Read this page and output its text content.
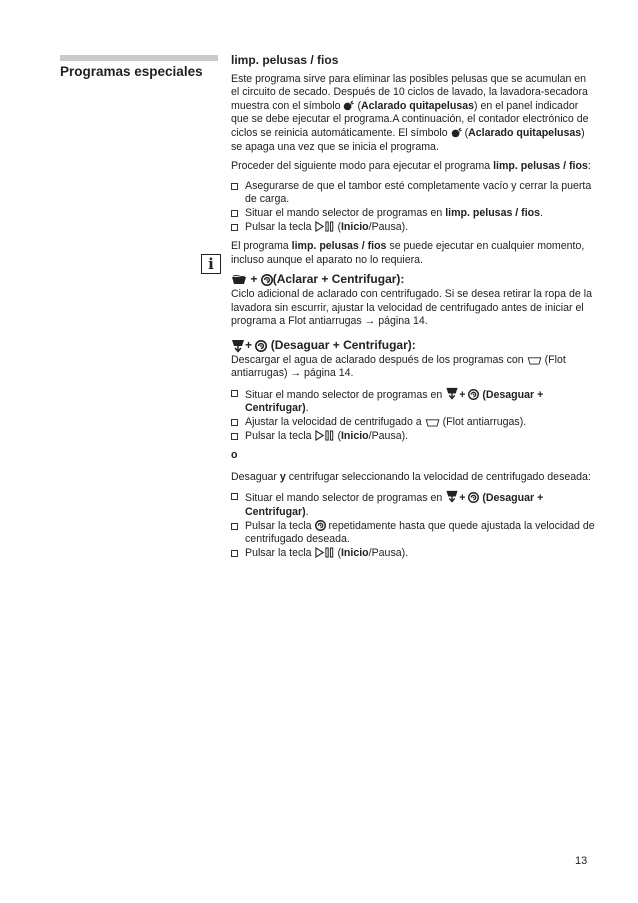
Programas especiales
i
limp. pelusas / fios

Este programa sirve para eliminar las posibles pelusas que se acumulan en el circuito de secado. Después de 10 ciclos de lavado, la lavadora-secadora muestra con el símbolo (Aclarado quitapelusas) en el panel indicador que se debe ejecutar el programa.A continuación, el contador electrónico de ciclos se reinicia automáticamente. El símbolo (Aclarado quitapelusas) se apaga una vez que se inicia el programa.

Proceder del siguiente modo para ejecutar el programa limp. pelusas / fios:

Asegurarse de que el tambor esté completamente vacío y cerrar la puerta de carga.
Situar el mando selector de programas en limp. pelusas / fios.
Pulsar la tecla (Inicio/Pausa).

El programa limp. pelusas / fios se puede ejecutar en cualquier momento, incluso aunque el aparato no lo requiera.

+
(Aclarar + Centrifugar):

Ciclo adicional de aclarado con centrifugado. Si se desea retirar la ropa de la lavadora sin escurrir, ajustar la velocidad de centrifugado antes de iniciar el programa a Flot antiarrugas → página 14.

+

(Desaguar + Centrifugar):

Descargar el agua de aclarado después de los programas con (Flot antiarrugas) → página 14.

Situar el mando selector de programas en + (Desaguar + Centrifugar).
Ajustar la velocidad de centrifugado a (Flot antiarrugas).
Pulsar la tecla (Inicio/Pausa).
o

Desaguar y centrifugar seleccionando la velocidad de centrifugado deseada:

Situar el mando selector de programas en + (Desaguar + Centrifugar).
Pulsar la tecla repetidamente hasta que quede ajustada la velocidad de centrifugado deseada.
Pulsar la tecla (Inicio/Pausa).
13
